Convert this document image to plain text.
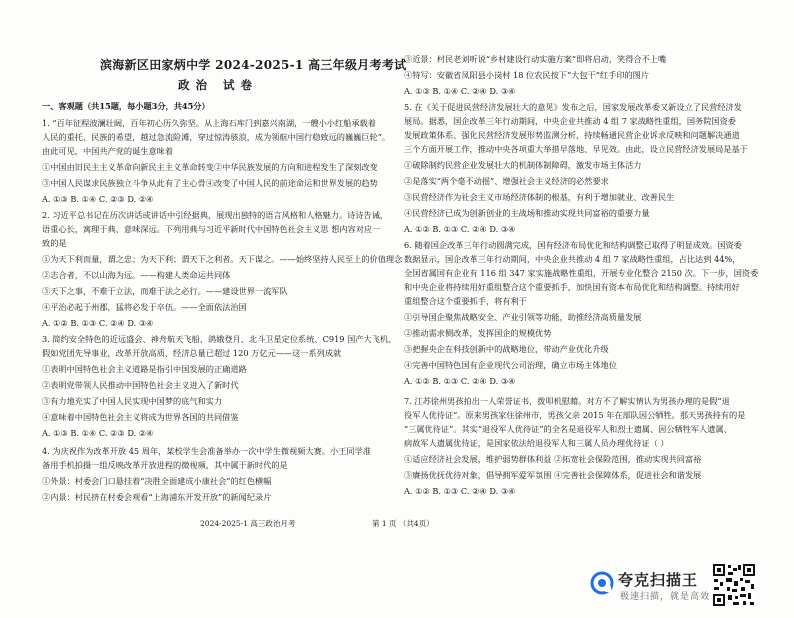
滨海新区田家炳中学 2024-2025-1 高三年级月考考试
政治 试卷
一、客观题（共15题，每小题3分，共45分）
1. “百年征程波澜壮阔，百年初心历久弥坚。从上海石库门到嘉兴南湖，一艘小小红船承载着
人民的重托、民族的希望，越过急流险滩，穿过惊涛骇浪，成为领航中国行稳致远的巍巍巨轮”。
由此可见，中国共产党的诞生意味着
①中国由旧民主主义革命向新民主主义革命转变②中华民族发展的方向和进程发生了深刻改变
③中国人民谋求民族独立斗争从此有了主心骨④改变了中国人民的前途命运和世界发展的趋势
A. ①③ B. ①④ C. ②③ D. ②④
2. 习近平总书记在历次讲话或讲话中引经据典，展现出独特的语言风格和人格魅力。诗诗告诫，
语重心长，寓理于典，意味深远。下列用典与习近平新时代中国特色社会主义思 想内容对应一
致的是
①为天下利而量，谓之忠；为天下利；谓天下之利者。天下谋之。——始终坚持人民至上的价值理念
②志合者，不以山海为远。——构建人类命运共同体
③天下之事，不难于立法，而难于法之必行。——建设世界一流军队
④平治必起于州郡，猛将必发于卒伍。——全面依法治国
A. ①② B. ①③ C. ②④ D. ③④
3. 简约安全特色的近远盛会、神舟航天飞船、鸽娥登月、北斗卫星定位系统、C919 国产大飞机、
假如党团先导事业，改革开放高质、经济总量已超过 120 万亿元——这一系列成就
①表明中国特色社会主义道路是指引中国发展的正确道路
②表明党带领人民推动中国特色社会主义进入了新时代
③有力地充实了中国人民实现中国梦的底气和实力
④意味着中国特色社会主义将成为世界各国的共同借鉴
A. ①③ B. ①④ C. ②③ D. ②④
4. 为庆祝作为改革开放 45 周年，某校学生会准备举办一次中学生微视频大赛。小王同学准
备用手机拍摄一组反映改革开放进程的微视频，其中属于新时代的是
①外景：村委会门口悬挂着“决胜全面建成小康社会”的红色横幅
②内景：村民挤在村委会观看“上海浦东开发开放”的新闻纪录片
2024-2025-1 高三政治月考
③近景：村民老刘听说“乡村建设行动实施方案”即将启动，笑得合不上嘴
④特写：安徽省凤阳县小岗村 18 位农民按下“大包干”红手印的图片
A. ①③ B. ①④ C. ②④ D. ③④
5. 在《关于促进民营经济发展壮大的意见》发布之后，国家发展改革委又新设立了民营经济发
展局。据悉，国企改革三年行动期间，中央企业共推动 4 组 7 家战略性重组，国务院国资委
发展政策体系、强化民营经济发展形势监测分析，持续畅通民营企业诉求反映和问题解决通道
三个方面开展工作，推动中央各项重大举措早落地、早见效。由此，设立民营经济发展局是基于
①破除制约民营企业发展壮大的机制体制障碍，激发市场主体活力
②是落实“两个毫不动摇”、增强社会主义经济的必然要求
③民营经济作为社会主义市场经济体制的根基，有利于增加就业、改善民生
④民营经济已成为创新创业的主战场和推动实现共同富裕的重要力量
A. ①② B. ①③ C. ②④ D. ③④
6. 随着国企改革三年行动圆满完成，国有经济布局优化和结构调整已取得了明显成效。国资委
数据显示，国企改革三年行动期间，中央企业共推动 4 组 7 家战略性重组，占比达到 44%，
全国省属国有企业有 116 组 347 家实施战略性重组，开展专业化整合 2150 次。下一步，国资委
和中央企业将持续用好重组整合这个重要抓手，加快国有资本布局优化和结构调整。持续用好
重组整合这个重要抓手，将有利于
①引导国企聚焦战略安全、产业引领等功能，助推经济高质量发展
②推动需求侧改革，发挥国企的规模优势
③把握央企在科技创新中的战略地位，带动产业优化升级
④完善中国特色国有企业现代公司治理，确立市场主体地位
A. ①② B. ①③ C. ②④ D. ③④
7. 江苏徐州男孩拍出一人荣誉证书，拨叩机慰藉。对方不了解实情认为男孩办理的是假“退
役军人优待证”。原来男孩家住徐州市，男孩父亲 2015 年在部队因公牺牲。那天男孩持有的是
“三属优待证”。其实“退役军人优待证”的全名是退役军人和烈士遗属、因公牺牲军人遗属、
病故军人遗属优待证，是国家依法给退役军人和三属人员办理优待证（ ）
①适应经济社会发展，维护弱势群体利益 ②拓宽社会保险范围，推动实现共同富裕
③賡扬优抚优待对象，倡导拥军爱军氛围 ④完善社会保障体系，促进社会和谐发展
A. ①② B. ①③ C. ②④ D. ③④
第 1 页 （共4页）
夸克扫描王
极速扫描，就是高效
